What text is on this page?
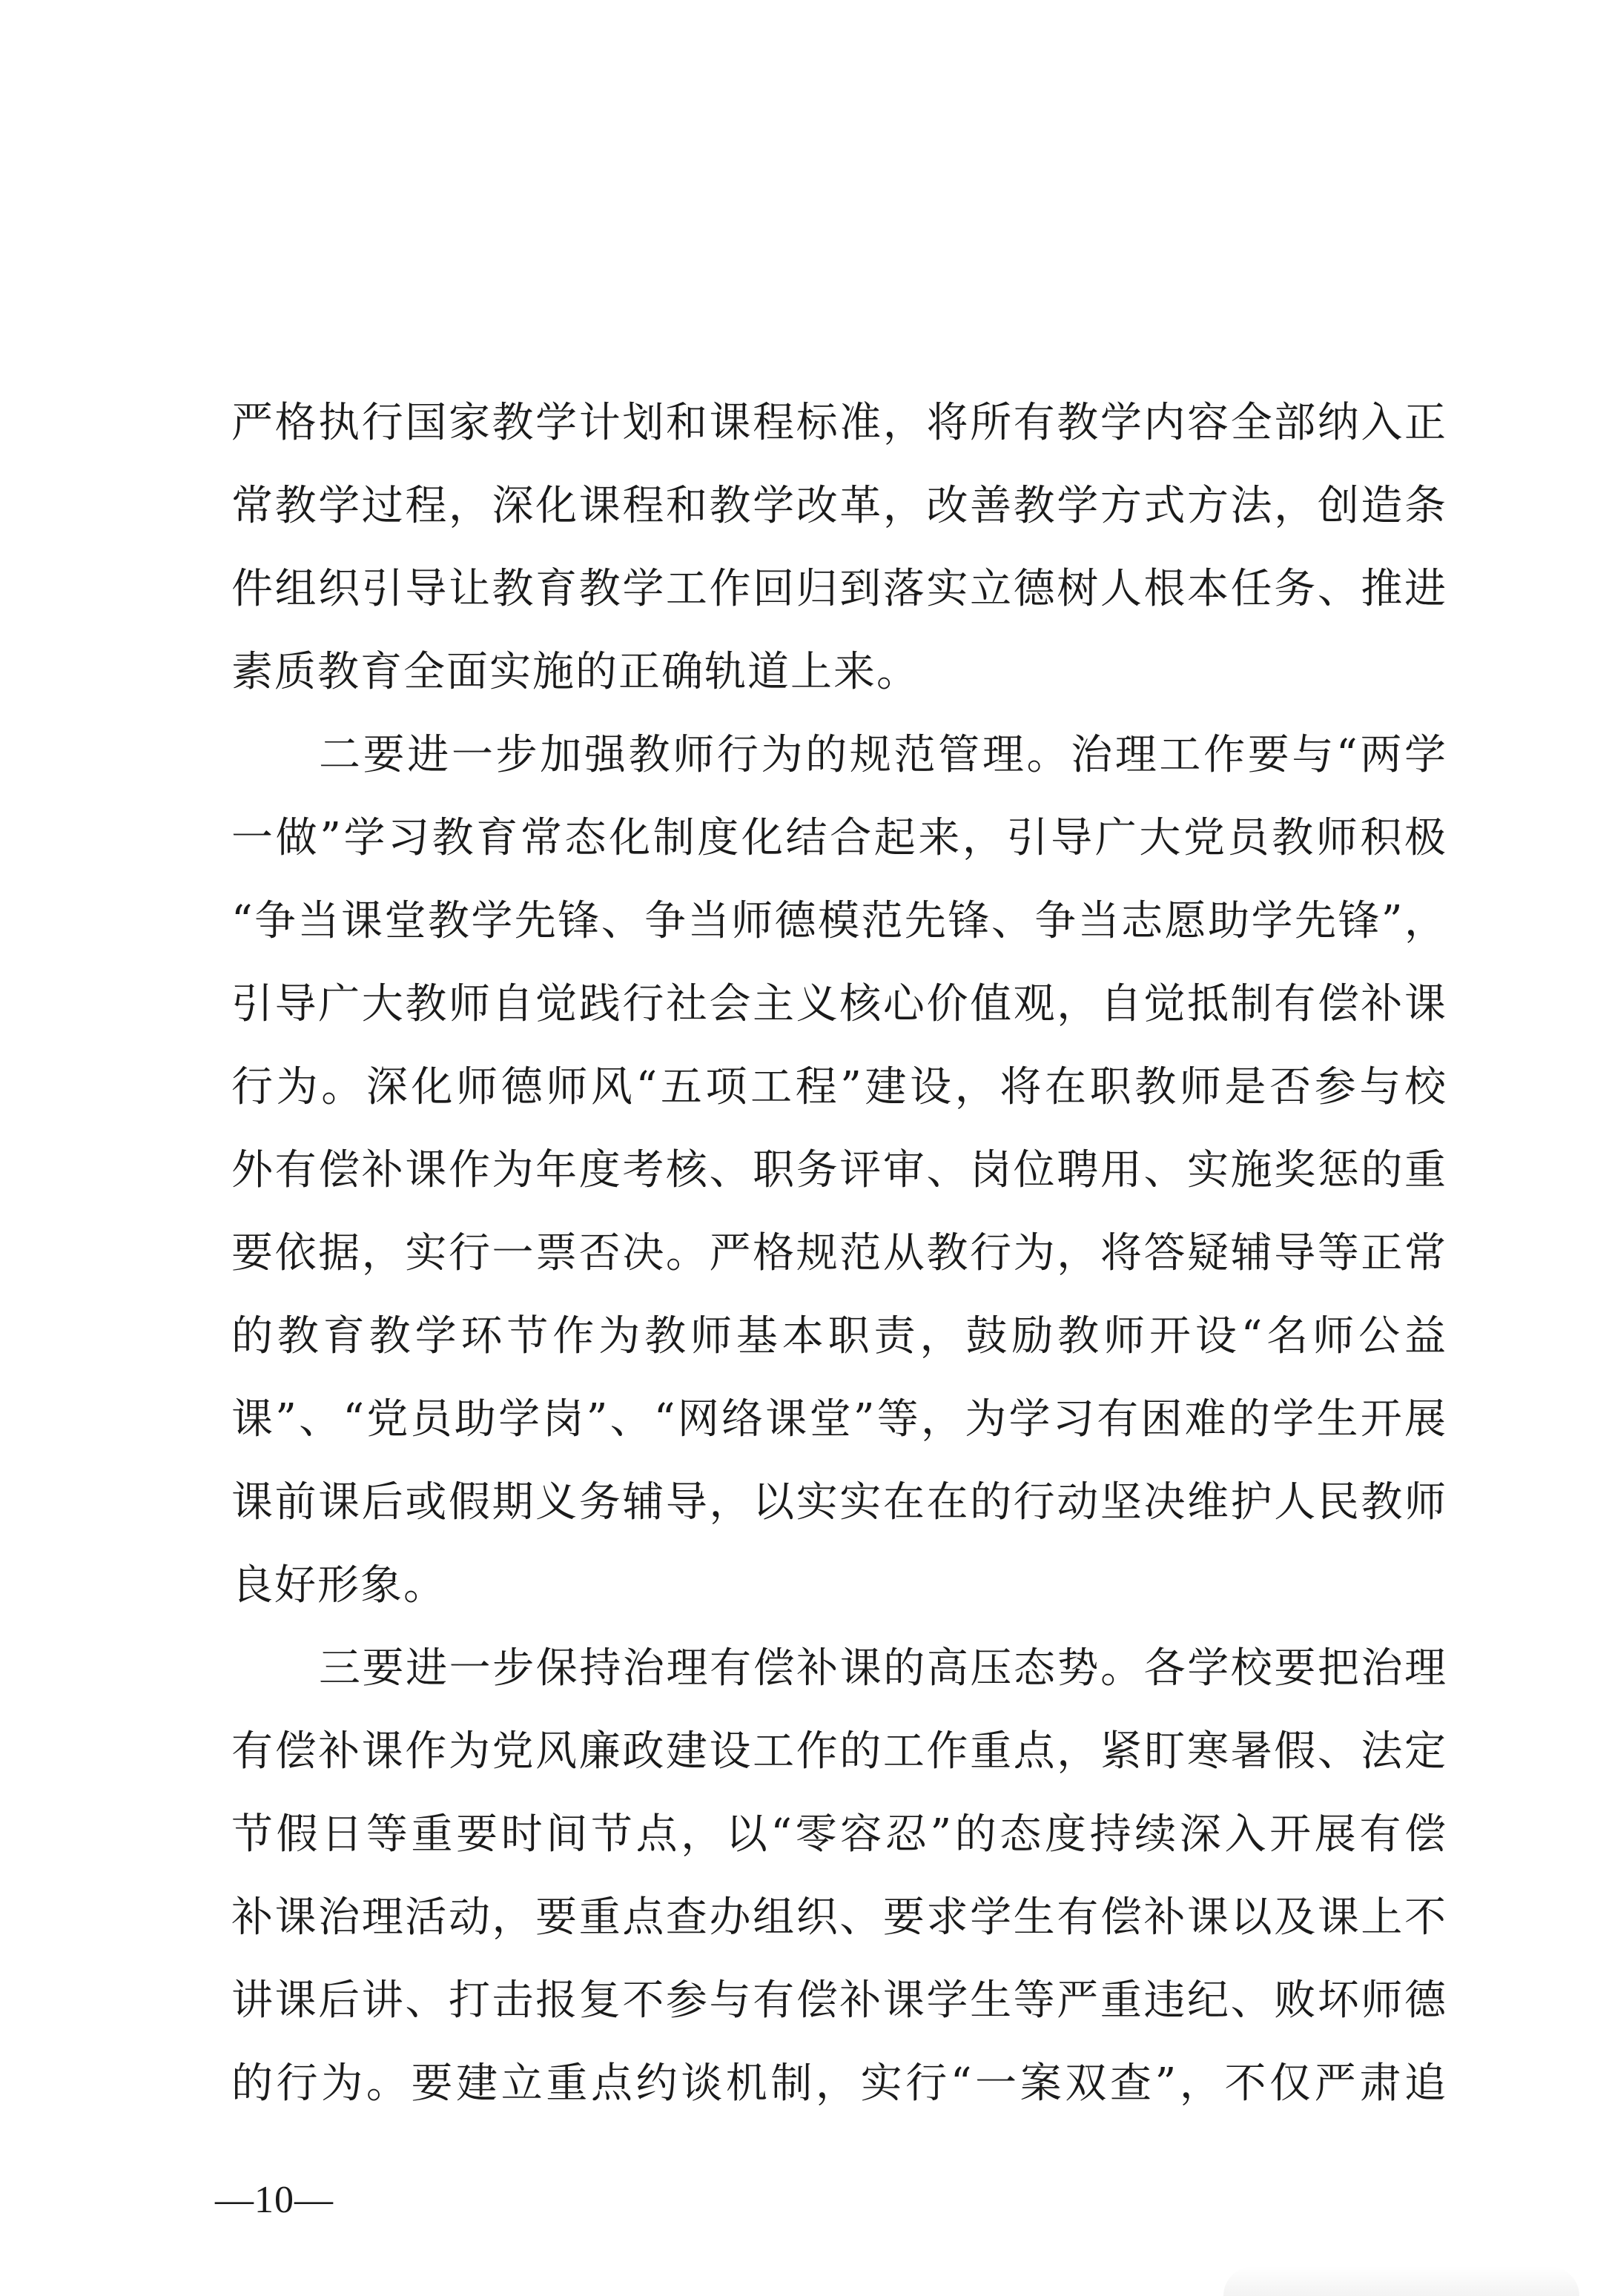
严格执行国家教学计划和课程标准，将所有教学内容全部纳入正
常教学过程，深化课程和教学改革，改善教学方式方法，创造条
件组织引导让教育教学工作回归到落实立德树人根本任务、推进
素质教育全面实施的正确轨道上来。
二要进一步加强教师行为的规范管理。治理工作要与“两学
一做”学习教育常态化制度化结合起来，引导广大党员教师积极
“争当课堂教学先锋、争当师德模范先锋、争当志愿助学先锋”，
引导广大教师自觉践行社会主义核心价值观，自觉抵制有偿补课
行为。深化师德师风“五项工程”建设，将在职教师是否参与校
外有偿补课作为年度考核、职务评审、岗位聘用、实施奖惩的重
要依据，实行一票否决。严格规范从教行为，将答疑辅导等正常
的教育教学环节作为教师基本职责，鼓励教师开设“名师公益
课”、“党员助学岗”、“网络课堂”等，为学习有困难的学生开展
课前课后或假期义务辅导，以实实在在的行动坚决维护人民教师
良好形象。
三要进一步保持治理有偿补课的高压态势。各学校要把治理
有偿补课作为党风廉政建设工作的工作重点，紧盯寒暑假、法定
节假日等重要时间节点，以“零容忍”的态度持续深入开展有偿
补课治理活动，要重点查办组织、要求学生有偿补课以及课上不
讲课后讲、打击报复不参与有偿补课学生等严重违纪、败坏师德
的行为。要建立重点约谈机制，实行“一案双查”，不仅严肃追
—10—
